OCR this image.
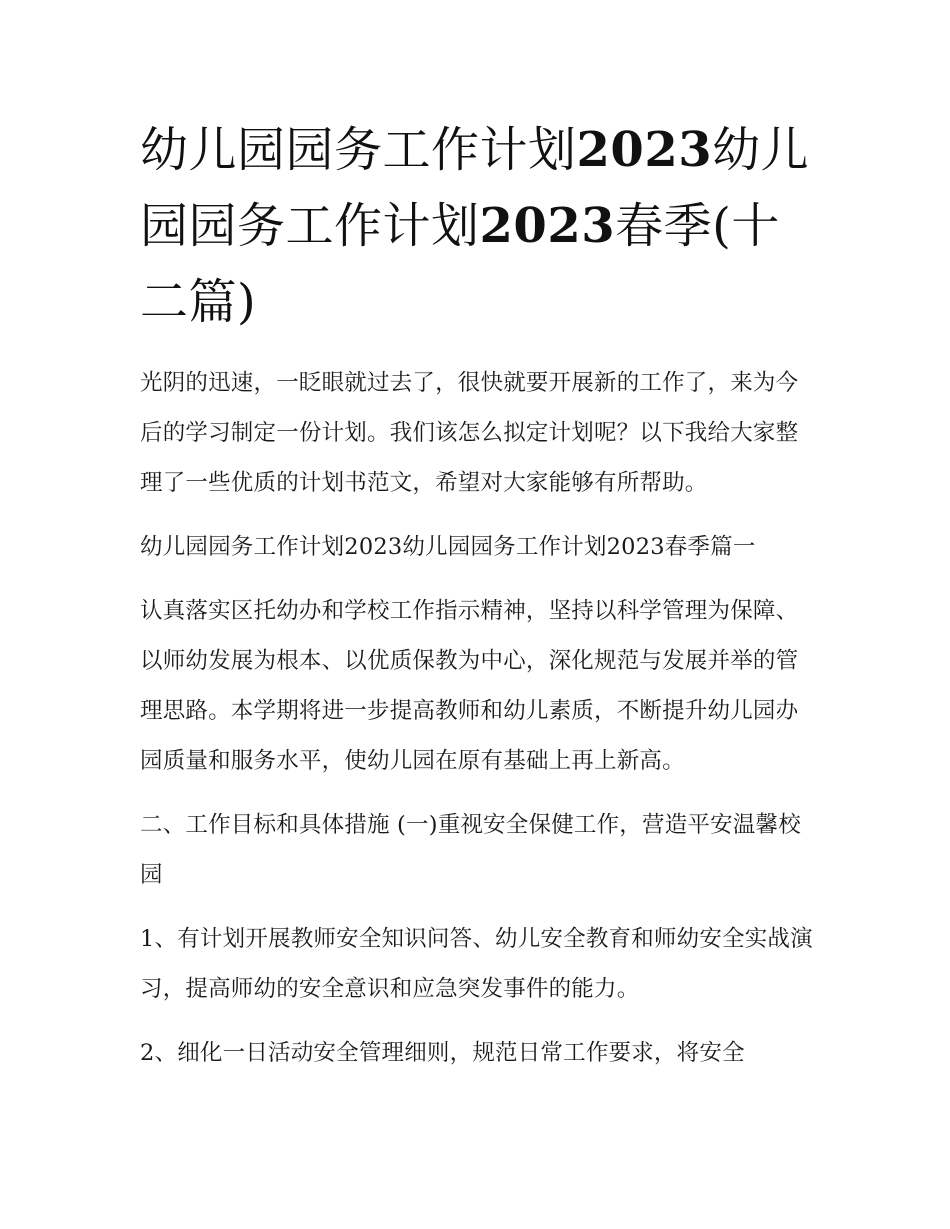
幼儿园园务工作计划2023幼儿园园务工作计划2023春季(十二篇)

光阴的迅速，一眨眼就过去了，很快就要开展新的工作了，来为今后的学习制定一份计划。我们该怎么拟定计划呢？以下我给大家整理了一些优质的计划书范文，希望对大家能够有所帮助。

幼儿园园务工作计划2023幼儿园园务工作计划2023春季篇一

认真落实区托幼办和学校工作指示精神，坚持以科学管理为保障、以师幼发展为根本、以优质保教为中心，深化规范与发展并举的管理思路。本学期将进一步提高教师和幼儿素质，不断提升幼儿园办园质量和服务水平，使幼儿园在原有基础上再上新高。

二、工作目标和具体措施 (一)重视安全保健工作，营造平安温馨校园

1、有计划开展教师安全知识问答、幼儿安全教育和师幼安全实战演习，提高师幼的安全意识和应急突发事件的能力。

2、细化一日活动安全管理细则，规范日常工作要求，将安全
